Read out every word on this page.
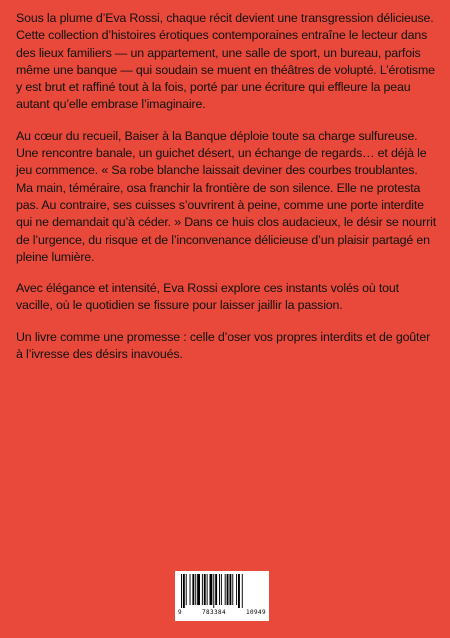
Sous la plume d’Eva Rossi, chaque récit devient une transgression délicieuse. Cette collection d’histoires érotiques contemporaines entraîne le lecteur dans des lieux familiers — un appartement, une salle de sport, un bureau, parfois même une banque — qui soudain se muent en théâtres de volupté. L’érotisme y est brut et raffiné tout à la fois, porté par une écriture qui effleure la peau autant qu’elle embrase l’imaginaire.

Au cœur du recueil, Baiser à la Banque déploie toute sa charge sulfureuse. Une rencontre banale, un guichet désert, un échange de regards… et déjà le jeu commence. « Sa robe blanche laissait deviner des courbes troublantes. Ma main, téméraire, osa franchir la frontière de son silence. Elle ne protesta pas. Au contraire, ses cuisses s’ouvrirent à peine, comme une porte interdite qui ne demandait qu’à céder. » Dans ce huis clos audacieux, le désir se nourrit de l’urgence, du risque et de l’inconvenance délicieuse d’un plaisir partagé en pleine lumière.

Avec élégance et intensité, Eva Rossi explore ces instants volés où tout vacille, où le quotidien se fissure pour laisser jaillir la passion.

Un livre comme une promesse : celle d’oser vos propres interdits et de goûter à l’ivresse des désirs inavoués.

9	783384	10949
